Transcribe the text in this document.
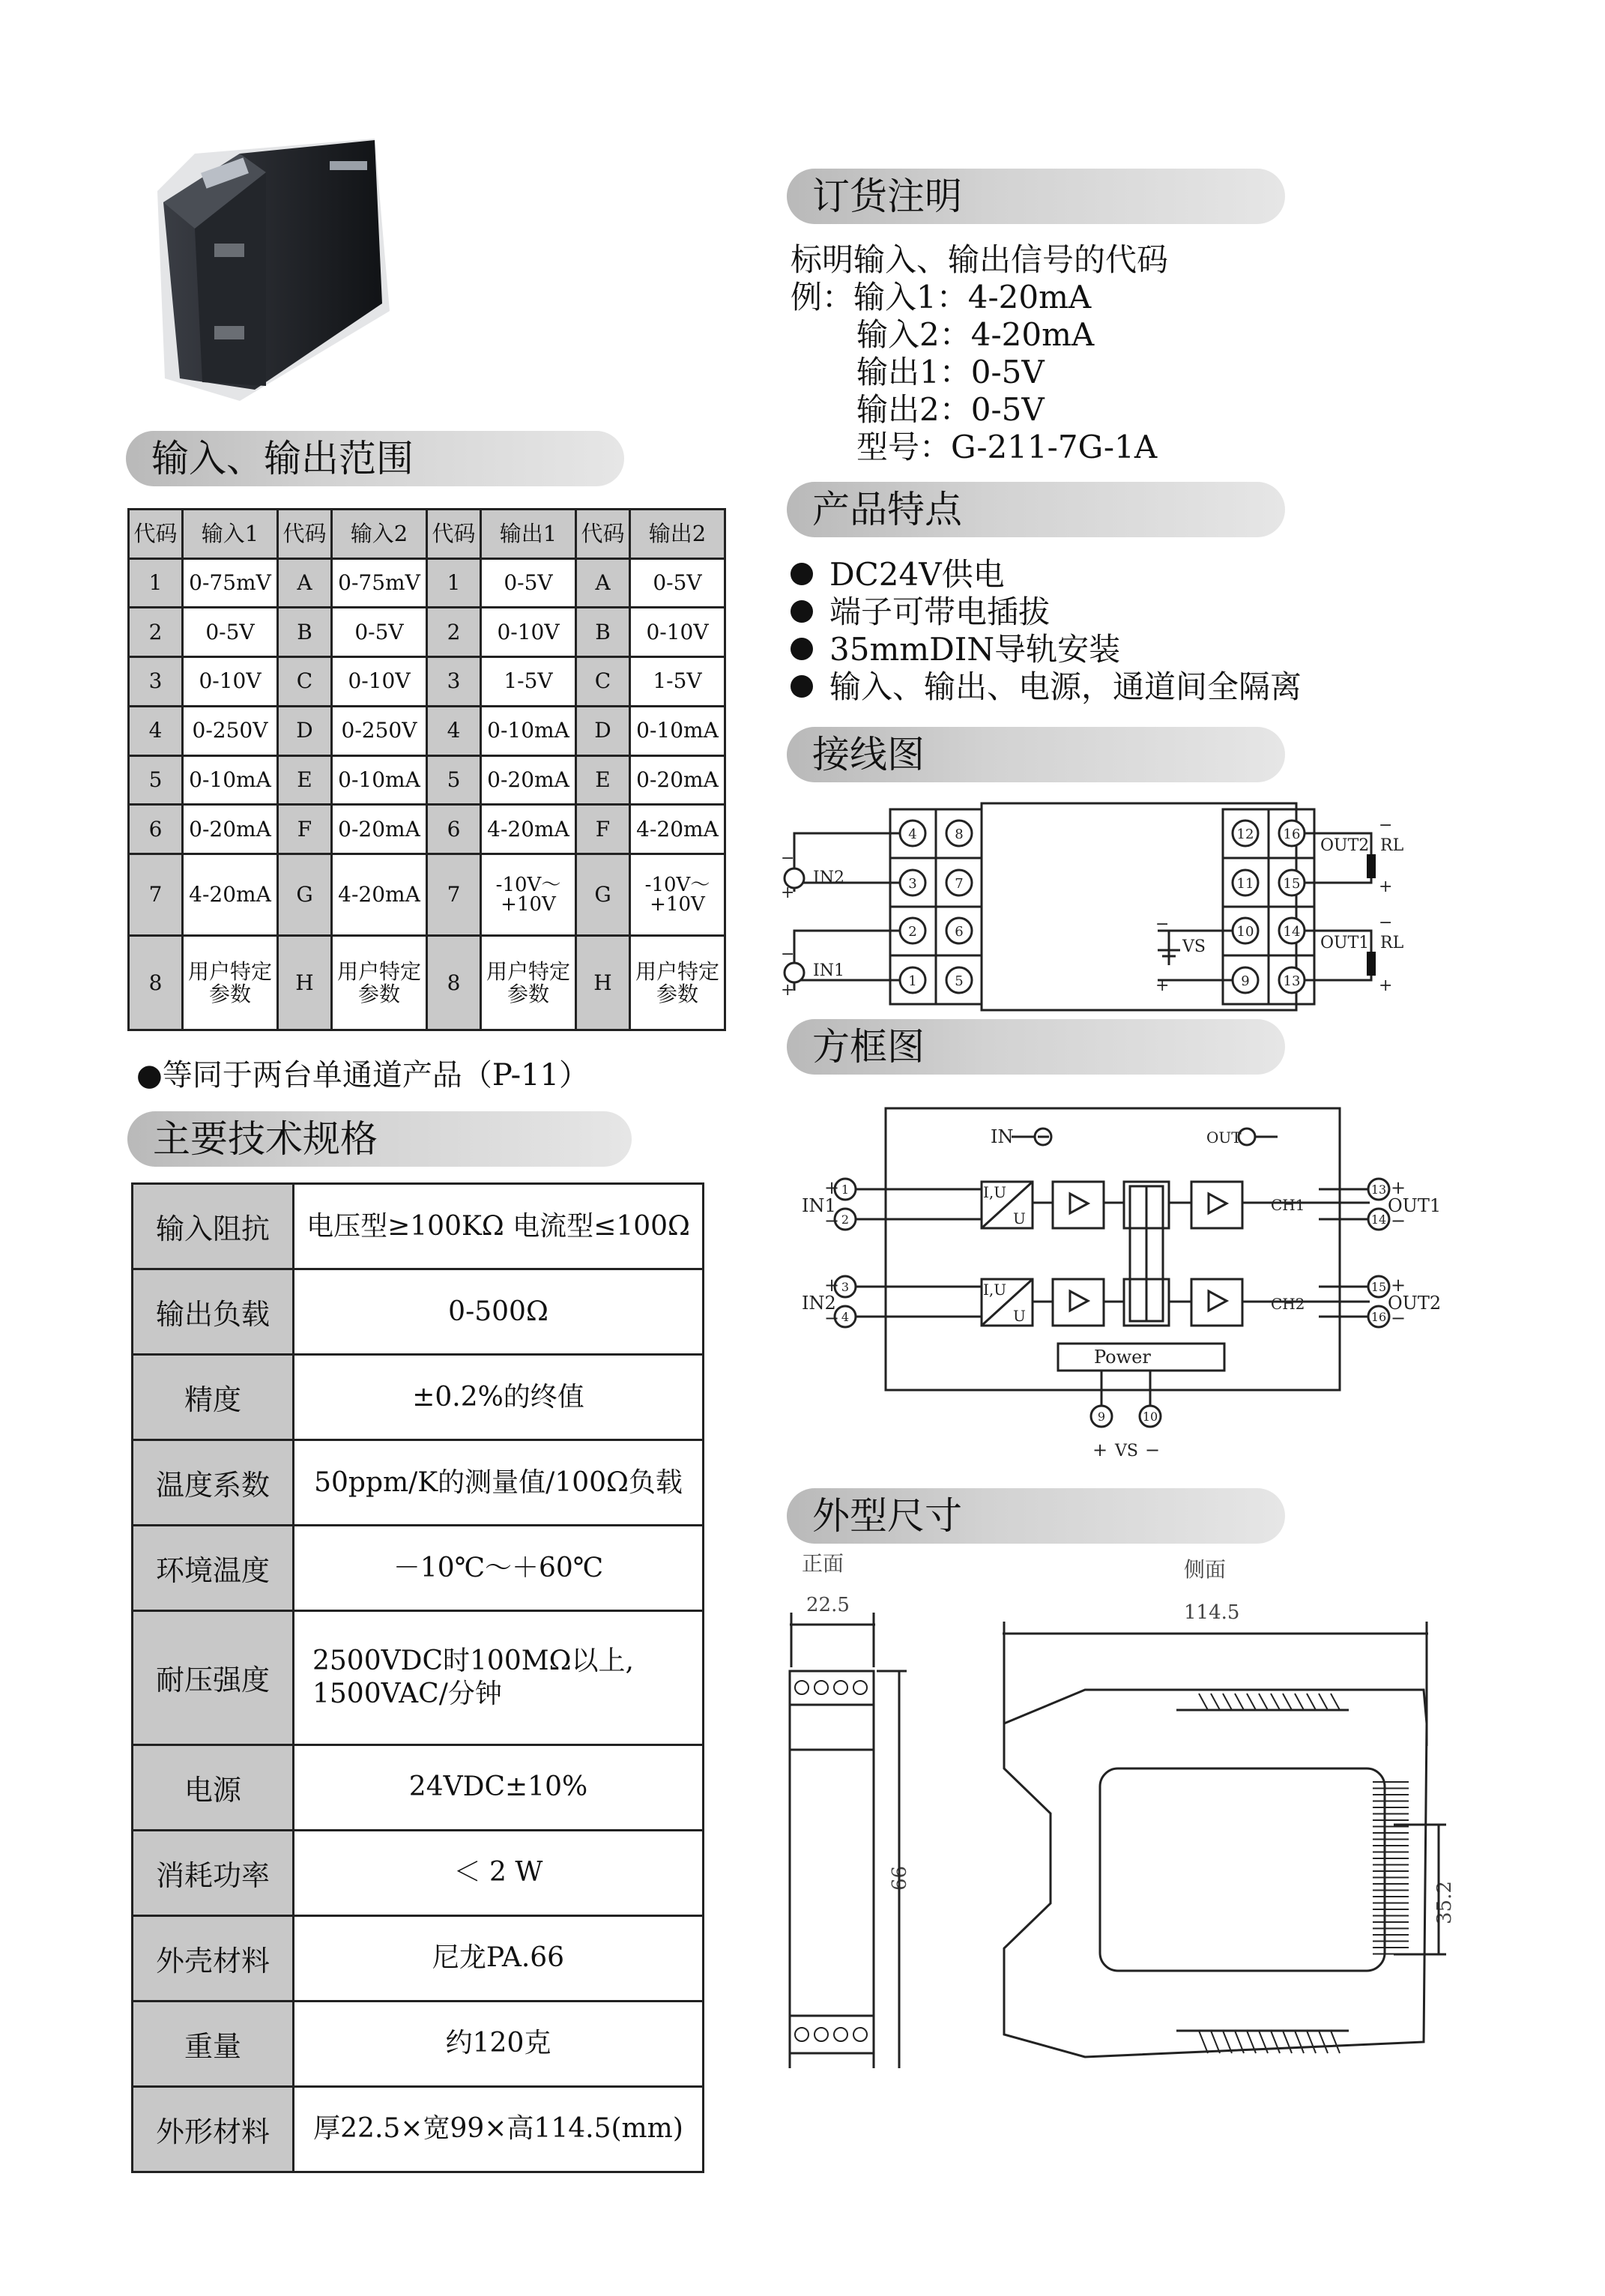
输入、输出范围
主要技术规格
订货注明
产品特点
接线图
方框图
外型尺寸
代码	输入1	代码	输入2	代码	输出1	代码	输出2
1	0-75mV	A	0-75mV	1	0-5V	A	0-5V
2	0-5V	B	0-5V	2	0-10V	B	0-10V
3	0-10V	C	0-10V	3	1-5V	C	1-5V
4	0-250V	D	0-250V	4	0-10mA	D	0-10mA
5	0-10mA	E	0-10mA	5	0-20mA	E	0-20mA
6	0-20mA	F	0-20mA	6	4-20mA	F	4-20mA
7	4-20mA	G	4-20mA	7	-10V～+10V	G	-10V～+10V
8	用户特定参数	H	用户特定参数	8	用户特定参数	H	用户特定参数
●等同于两台单通道产品（P-11）
输入阻抗	电压型≥100KΩ 电流型≤100Ω
输出负载	0-500Ω
精度	±0.2%的终值
温度系数	50ppm/K的测量值/100Ω负载
环境温度	－10℃～＋60℃
耐压强度	2500VDC时100MΩ以上,
1500VAC/分钟

电源	24VDC±10%
消耗功率	＜ 2 W
外壳材料	尼龙PA.66
重量	约120克
外形材料	厚22.5×宽99×高114.5(mm)
标明输入、输出信号的代码
例：输入1：4-20mA
输入2：4-20mA
输出1：0-5V
输出2：0-5V
型号：G-211-7G-1A
DC24V供电
端子可带电插拔
35mmDIN导轨安装
输入、输出、电源，通道间全隔离
4	8
3	7
2	6
1	5
12 16
11 15
10 14
9 13
IN2
IN1
VS
OUT2
OUT1
RL
RL
−
+
−
+
−
+
−
+
−
+
1
2
3
4
13
14
15
16
9	10
IN	OUT
IN1
IN2
OUT1
OUT2
CH1
CH2
Power
VS
I,U
U
I,U
U
+
−
+
−
+
−
+
−
+ −
正面	侧面
22.5	114.5
99
35.2
